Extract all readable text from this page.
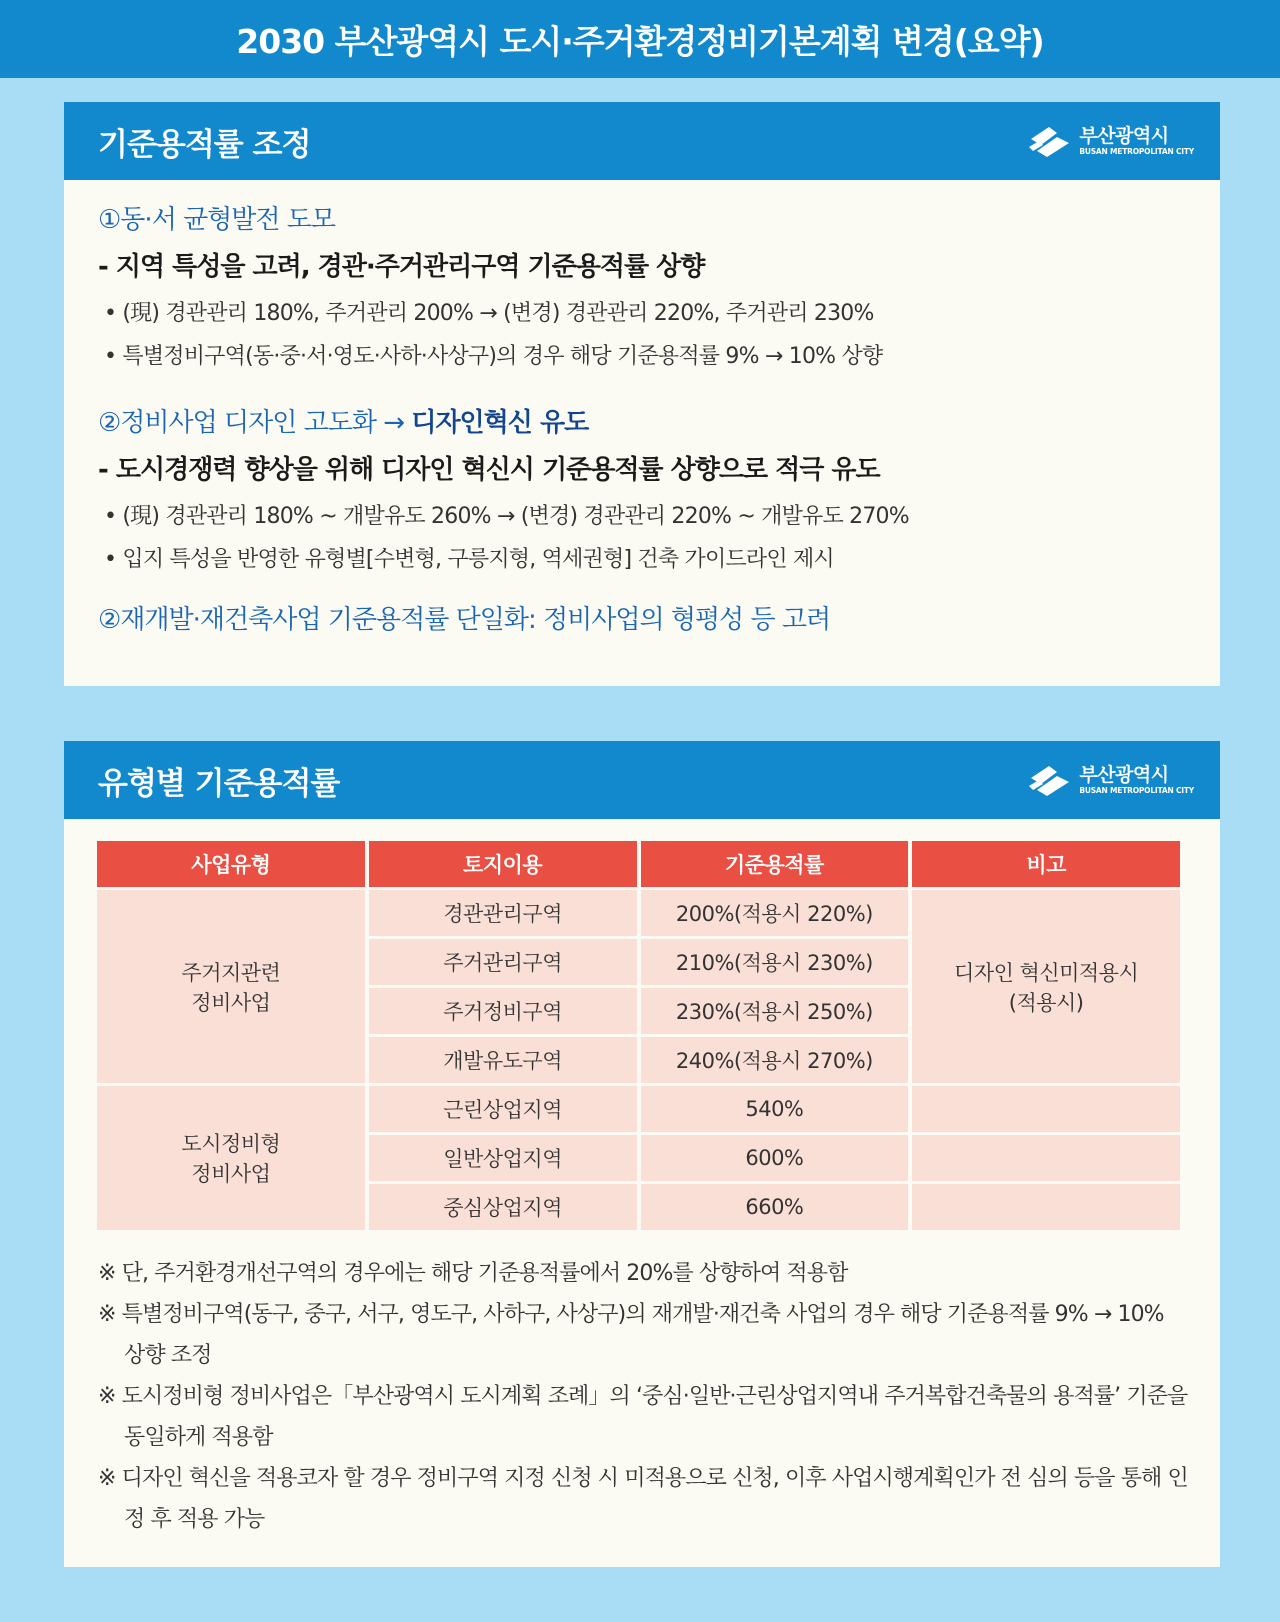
2030 부산광역시 도시·주거환경정비기본계획 변경(요약)
기준용적률 조정	부산광역시
BUSAN METROPOLITAN CITY
①동·서 균형발전 도모
- 지역 특성을 고려, 경관·주거관리구역 기준용적률 상향
• (現) 경관관리 180%, 주거관리 200% → (변경) 경관관리 220%, 주거관리 230%
• 특별정비구역(동·중·서·영도·사하·사상구)의 경우 해당 기준용적률 9% → 10% 상향
②정비사업 디자인 고도화 → 디자인혁신 유도
- 도시경쟁력 향상을 위해 디자인 혁신시 기준용적률 상향으로 적극 유도
• (現) 경관관리 180% ~ 개발유도 260% → (변경) 경관관리 220% ~ 개발유도 270%
• 입지 특성을 반영한 유형별[수변형, 구릉지형, 역세권형] 건축 가이드라인 제시
②재개발·재건축사업 기준용적률 단일화: 정비사업의 형평성 등 고려
유형별 기준용적률	부산광역시
BUSAN METROPOLITAN CITY
사업유형	토지이용	기준용적률	비고
주거지관련
정비사업	경관관리구역	200%(적용시 220%)	디자인 혁신미적용시
(적용시)
	주거관리구역	210%(적용시 230%)	
	주거정비구역	230%(적용시 250%)	
	개발유도구역	240%(적용시 270%)	
도시정비형
정비사업	근린상업지역	540%	
	일반상업지역	600%	
	중심상업지역	660%	
※ 단, 주거환경개선구역의 경우에는 해당 기준용적률에서 20%를 상향하여 적용함
※ 특별정비구역(동구, 중구, 서구, 영도구, 사하구, 사상구)의 재개발·재건축 사업의 경우 해당 기준용적률 9% → 10% 상향 조정
※ 도시정비형 정비사업은「부산광역시 도시계획 조례」의 ‘중심·일반·근린상업지역내 주거복합건축물의 용적률’ 기준을 동일하게 적용함
※ 디자인 혁신을 적용코자 할 경우 정비구역 지정 신청 시 미적용으로 신청, 이후 사업시행계획인가 전 심의 등을 통해 인정 후 적용 가능
